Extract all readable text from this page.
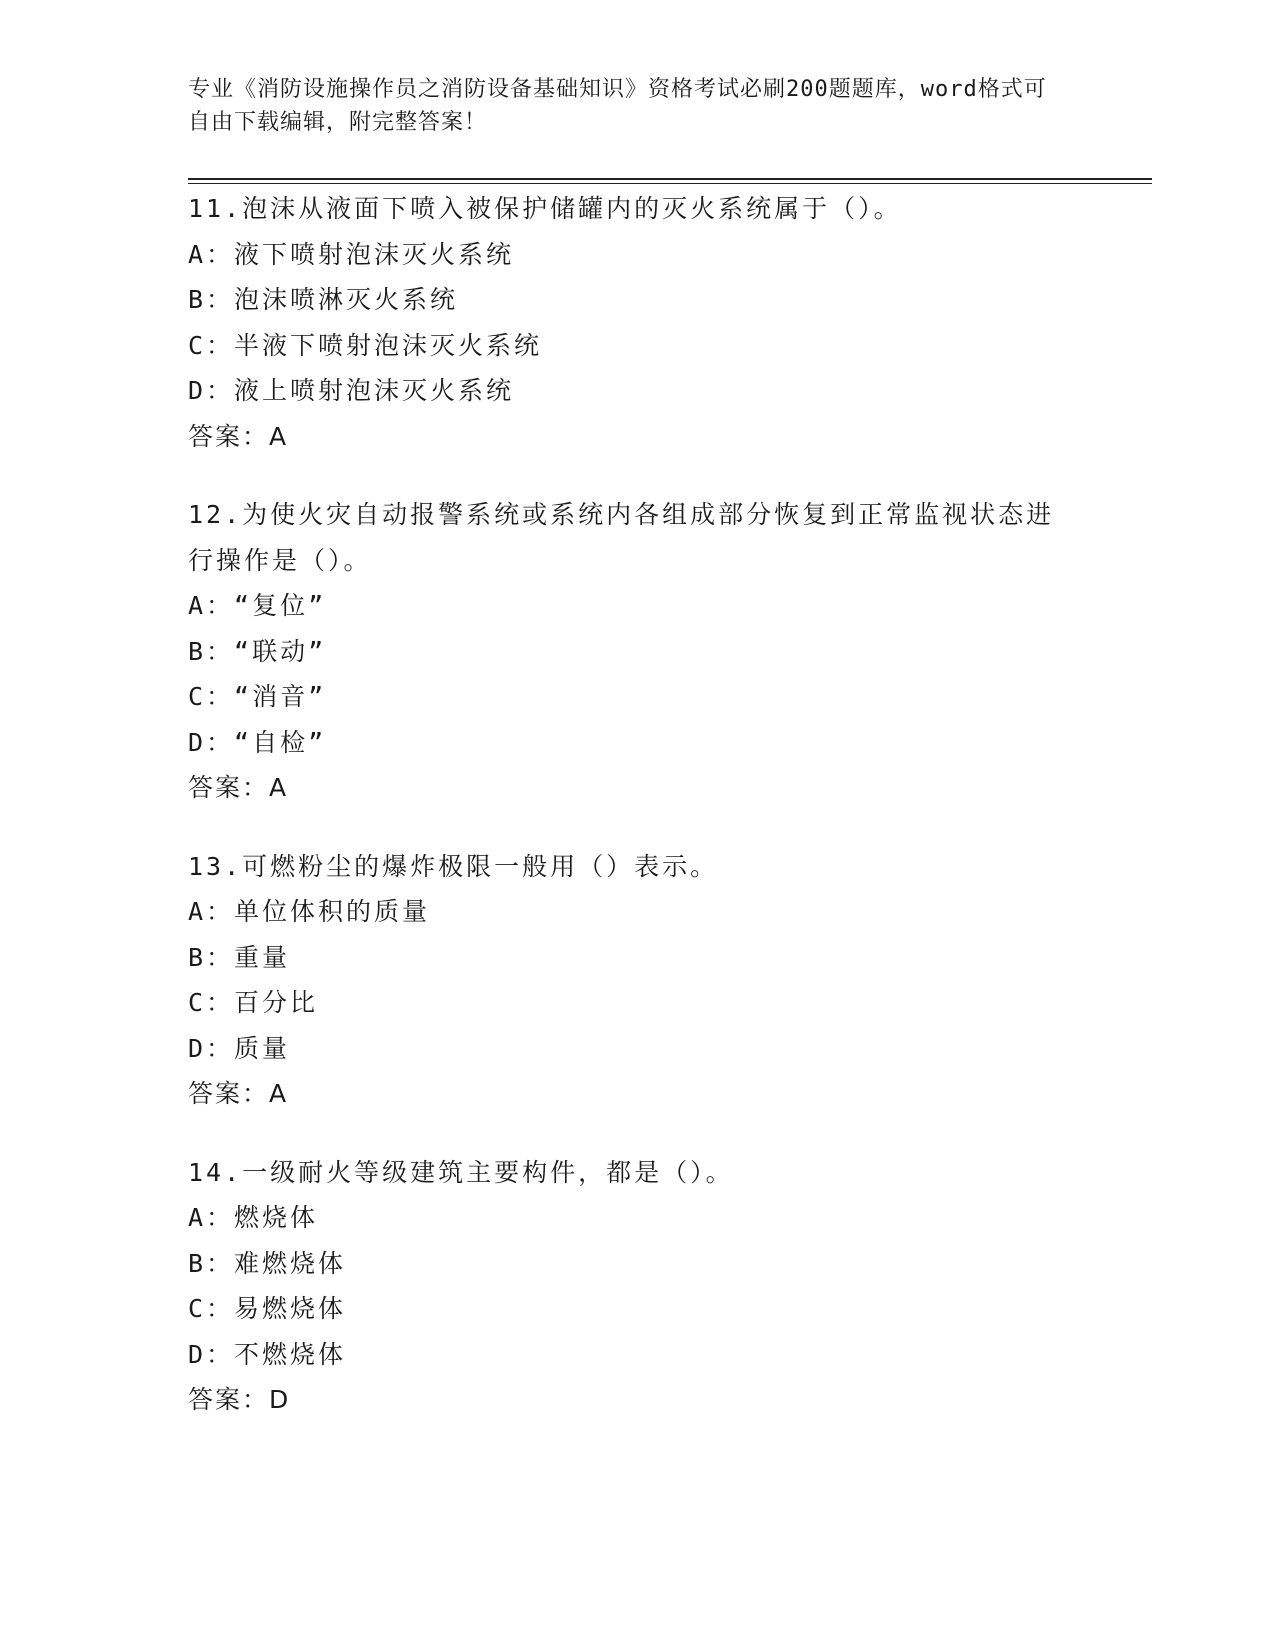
专业《消防设施操作员之消防设备基础知识》资格考试必刷200题题库，word格式可自由下载编辑，附完整答案！
11.泡沫从液面下喷入被保护储罐内的灭火系统属于（）。
A：液下喷射泡沫灭火系统
B：泡沫喷淋灭火系统
C：半液下喷射泡沫灭火系统
D：液上喷射泡沫灭火系统
答案：A
12.为使火灾自动报警系统或系统内各组成部分恢复到正常监视状态进行操作是（）。
A：“复位”
B：“联动”
C：“消音”
D：“自检”
答案：A
13.可燃粉尘的爆炸极限一般用（）表示。
A：单位体积的质量
B：重量
C：百分比
D：质量
答案：A
14.一级耐火等级建筑主要构件，都是（）。
A：燃烧体
B：难燃烧体
C：易燃烧体
D：不燃烧体
答案：D
